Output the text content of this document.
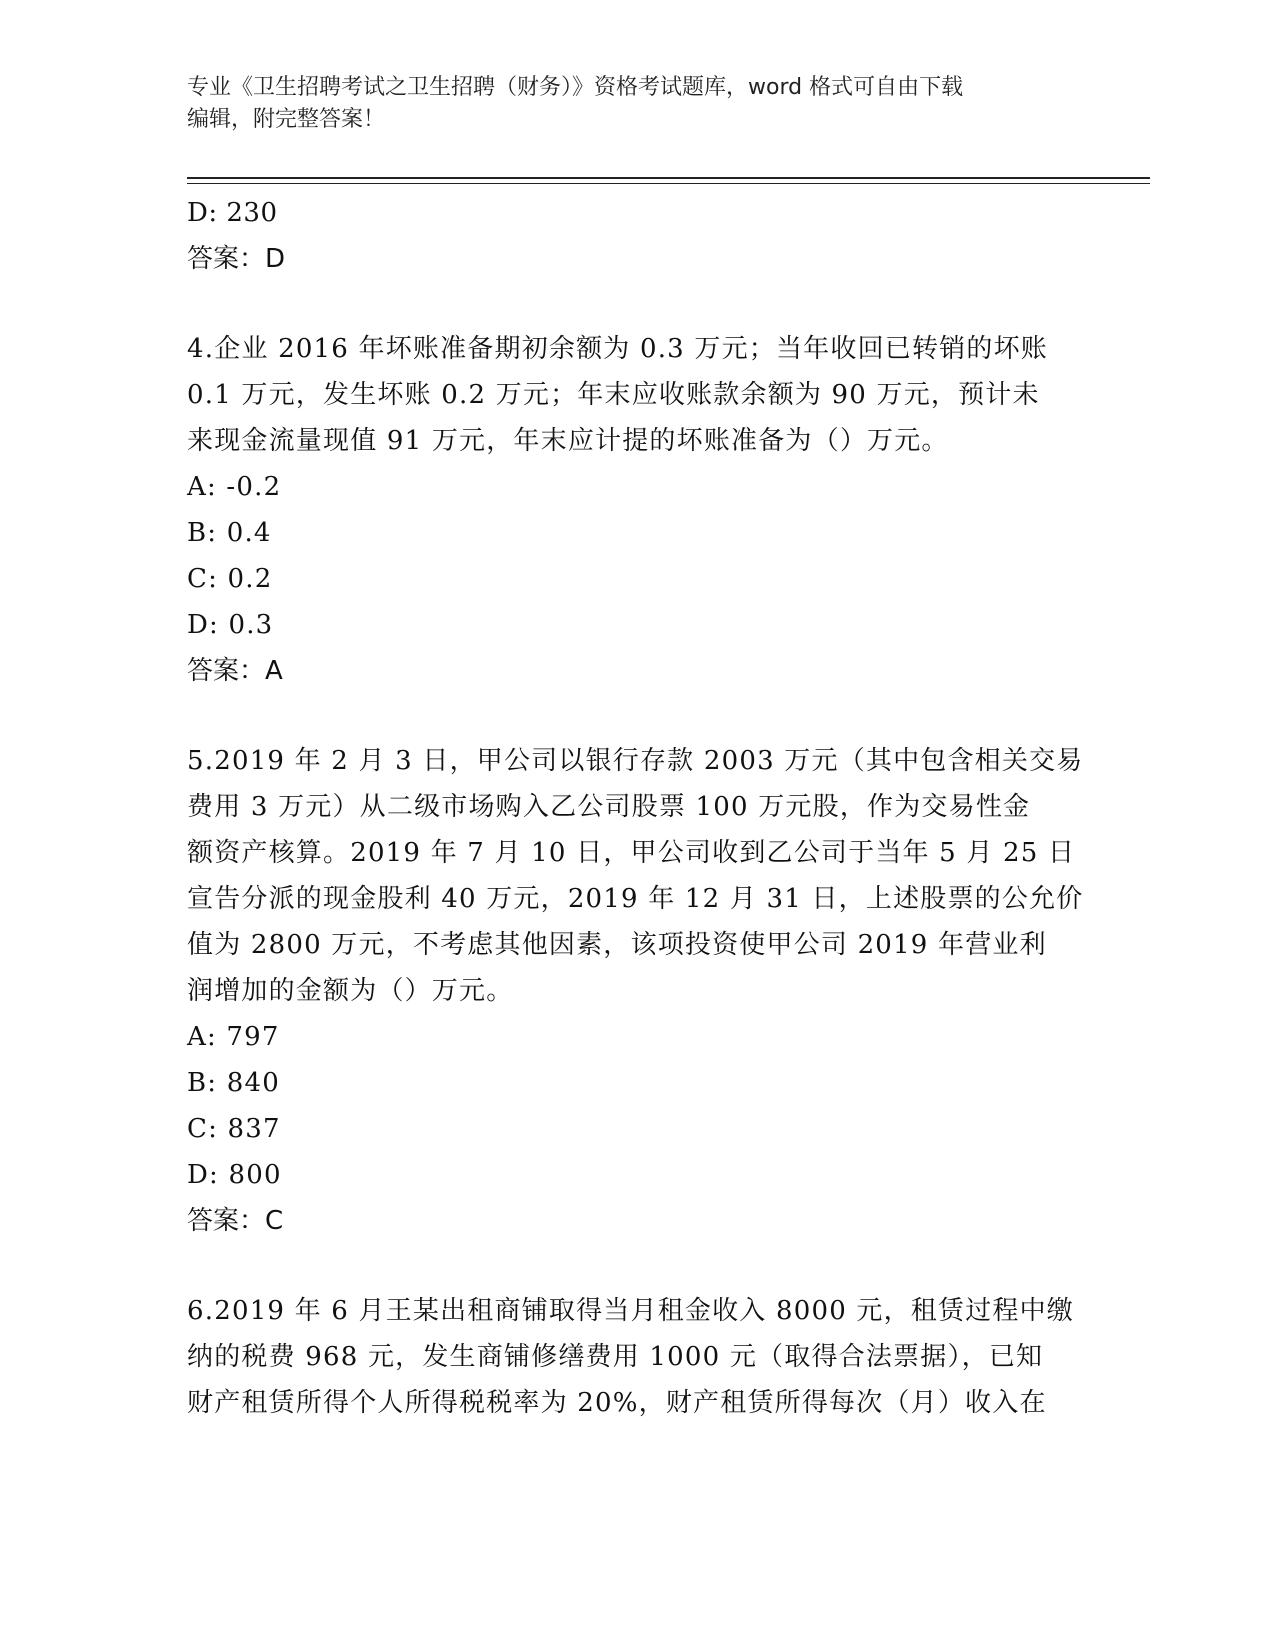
专业《卫生招聘考试之卫生招聘（财务）》资格考试题库，word 格式可自由下载
编辑，附完整答案！
D: 230
答案：D
4.企业 2016 年坏账准备期初余额为 0.3 万元；当年收回已转销的坏账
0.1 万元，发生坏账 0.2 万元；年末应收账款余额为 90 万元，预计未
来现金流量现值 91 万元，年末应计提的坏账准备为（）万元。
A: -0.2
B: 0.4
C: 0.2
D: 0.3
答案：A
5.2019 年 2 月 3 日，甲公司以银行存款 2003 万元（其中包含相关交易
费用 3 万元）从二级市场购入乙公司股票 100 万元股，作为交易性金
额资产核算。2019 年 7 月 10 日，甲公司收到乙公司于当年 5 月 25 日
宣告分派的现金股利 40 万元，2019 年 12 月 31 日，上述股票的公允价
值为 2800 万元，不考虑其他因素，该项投资使甲公司 2019 年营业利
润增加的金额为（）万元。
A: 797
B: 840
C: 837
D: 800
答案：C
6.2019 年 6 月王某出租商铺取得当月租金收入 8000 元，租赁过程中缴
纳的税费 968 元，发生商铺修缮费用 1000 元（取得合法票据），已知
财产租赁所得个人所得税税率为 20%，财产租赁所得每次（月）收入在
